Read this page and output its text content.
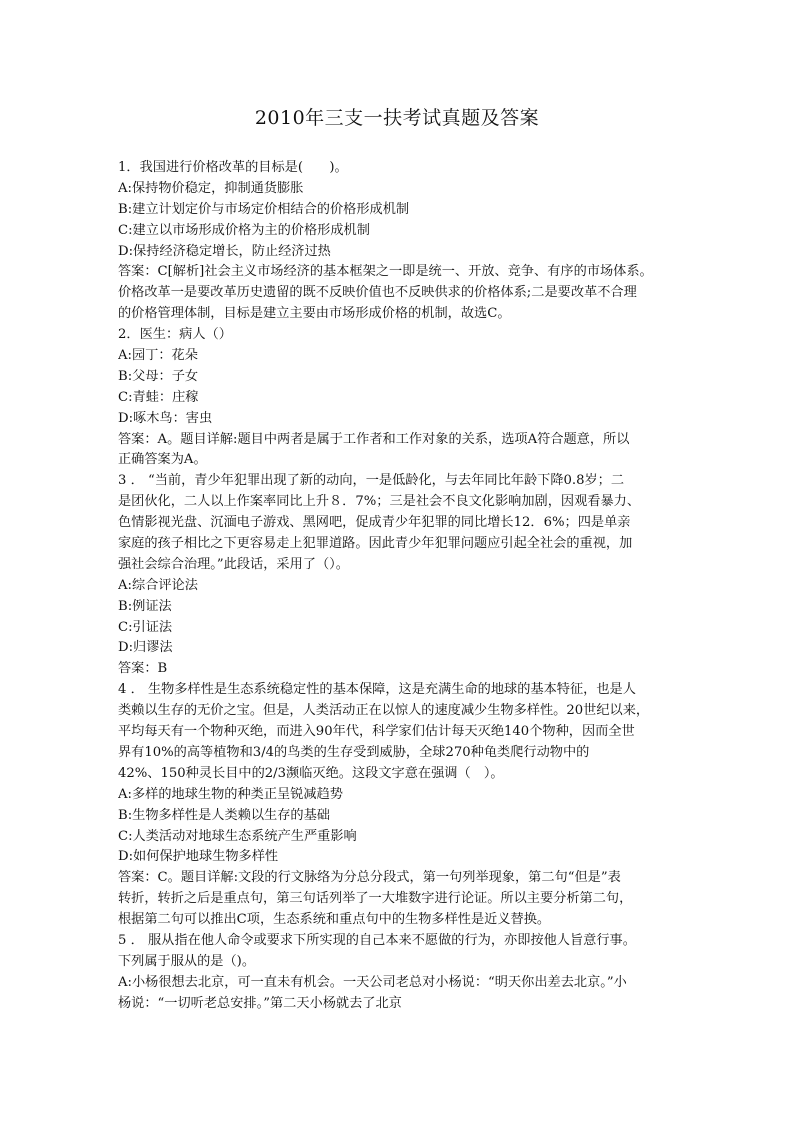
2010年三支一扶考试真题及答案
1．我国进行价格改革的目标是(　　)。
A:保持物价稳定，抑制通货膨胀
B:建立计划定价与市场定价相结合的价格形成机制
C:建立以市场形成价格为主的价格形成机制
D:保持经济稳定增长，防止经济过热
答案：C[解析]社会主义市场经济的基本框架之一即是统一、开放、竞争、有序的市场体系。
价格改革一是要改革历史遗留的既不反映价值也不反映供求的价格体系;二是要改革不合理
的价格管理体制，目标是建立主要由市场形成价格的机制，故选C。
2．医生：病人（）
A:园丁：花朵
B:父母：子女
C:青蛙：庄稼
D:啄木鸟：害虫
答案：A。题目详解:题目中两者是属于工作者和工作对象的关系，选项A符合题意，所以
正确答案为A。
3 ． “当前，青少年犯罪出现了新的动向，一是低龄化，与去年同比年龄下降0.8岁；二
是团伙化，二人以上作案率同比上升８．7%；三是社会不良文化影响加剧，因观看暴力、
色情影视光盘、沉湎电子游戏、黑网吧，促成青少年犯罪的同比增长12．6%；四是单亲
家庭的孩子相比之下更容易走上犯罪道路。因此青少年犯罪问题应引起全社会的重视，加
强社会综合治理。”此段话，采用了（）。
A:综合评论法
B:例证法
C:引证法
D:归谬法
答案：B
4 ． 生物多样性是生态系统稳定性的基本保障，这是充满生命的地球的基本特征，也是人
类赖以生存的无价之宝。但是，人类活动正在以惊人的速度减少生物多样性。20世纪以来，
平均每天有一个物种灭绝，而进入90年代，科学家们估计每天灭绝140个物种，因而全世
界有10%的高等植物和3/4的鸟类的生存受到威胁，全球270种龟类爬行动物中的
42%、150种灵长目中的2/3濒临灭绝。这段文字意在强调（　）。
A:多样的地球生物的种类正呈锐减趋势
B:生物多样性是人类赖以生存的基础
C:人类活动对地球生态系统产生严重影响
D:如何保护地球生物多样性
答案：C。题目详解:文段的行文脉络为分总分段式，第一句列举现象，第二句“但是”表
转折，转折之后是重点句，第三句话列举了一大堆数字进行论证。所以主要分析第二句，
根据第二句可以推出C项，生态系统和重点句中的生物多样性是近义替换。
5 ． 服从指在他人命令或要求下所实现的自己本来不愿做的行为，亦即按他人旨意行事。
下列属于服从的是（)。
A:小杨很想去北京，可一直未有机会。一天公司老总对小杨说：“明天你出差去北京。”小
杨说：“一切听老总安排。”第二天小杨就去了北京
